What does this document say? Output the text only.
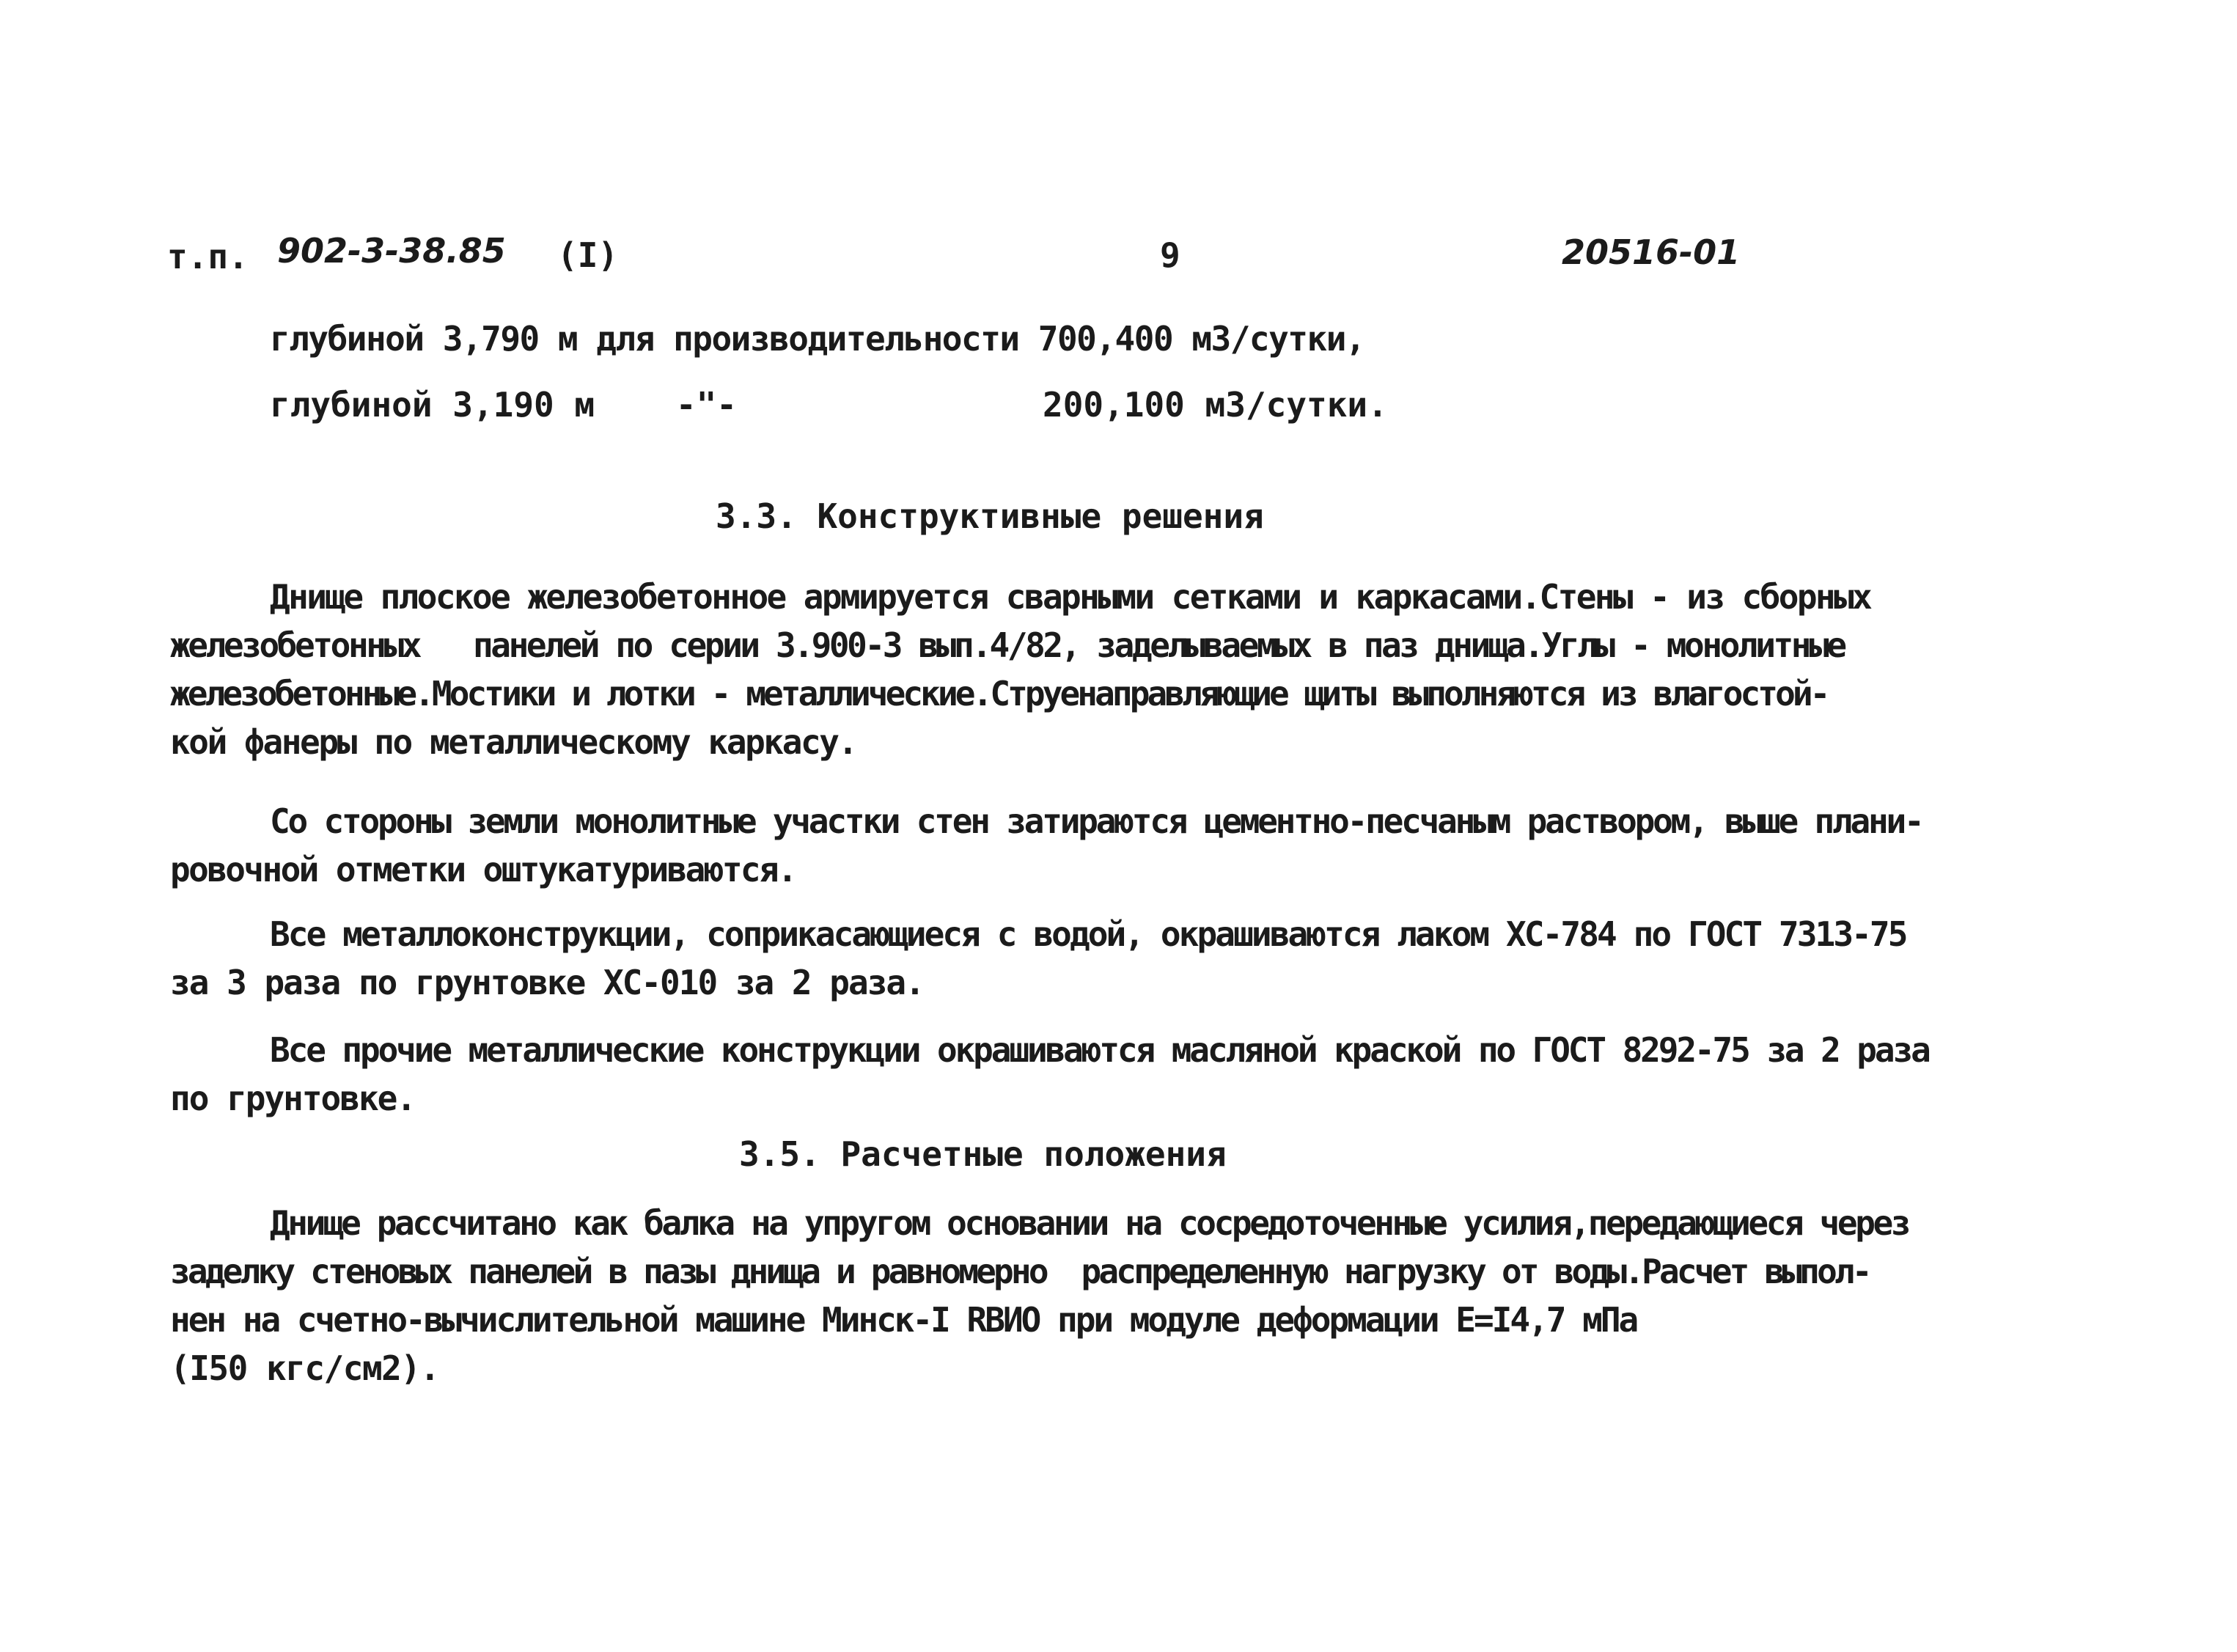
т.п. 902-3-38.85 (I)	9	20516-01
глубиной 3,790 м для производительности 700,400 м3/сутки,
глубиной 3,190 м    -"-	200,100 м3/сутки.
3.3. Конструктивные решения
Днище плоское железобетонное армируется сварными сетками и каркасами.Стены - из сборных
железобетонных   панелей по серии 3.900-3 вып.4/82, заделываемых в паз днища.Углы - монолитные
железобетонные.Мостики и лотки - металлические.Струенаправляющие щиты выполняются из влагостой-
кой фанеры по металлическому каркасу.
Со стороны земли монолитные участки стен затираются цементно-песчаным раствором, выше плани-
ровочной отметки оштукатуриваются.
Все металлоконструкции, соприкасающиеся с водой, окрашиваются лаком ХС-784 по ГОСТ 7313-75
за 3 раза по грунтовке ХС-010 за 2 раза.
Все прочие металлические конструкции окрашиваются масляной краской по ГОСТ 8292-75 за 2 раза
по грунтовке.
3.5. Расчетные положения
Днище рассчитано как балка на упругом основании на сосредоточенные усилия,передающиеся через
заделку стеновых панелей в пазы днища и равномерно  распределенную нагрузку от воды.Расчет выпол-
нен на счетно-вычислительной машине Минск-I RBИО при модуле деформации Е=I4,7 мПа
(I50 кгс/см2).
